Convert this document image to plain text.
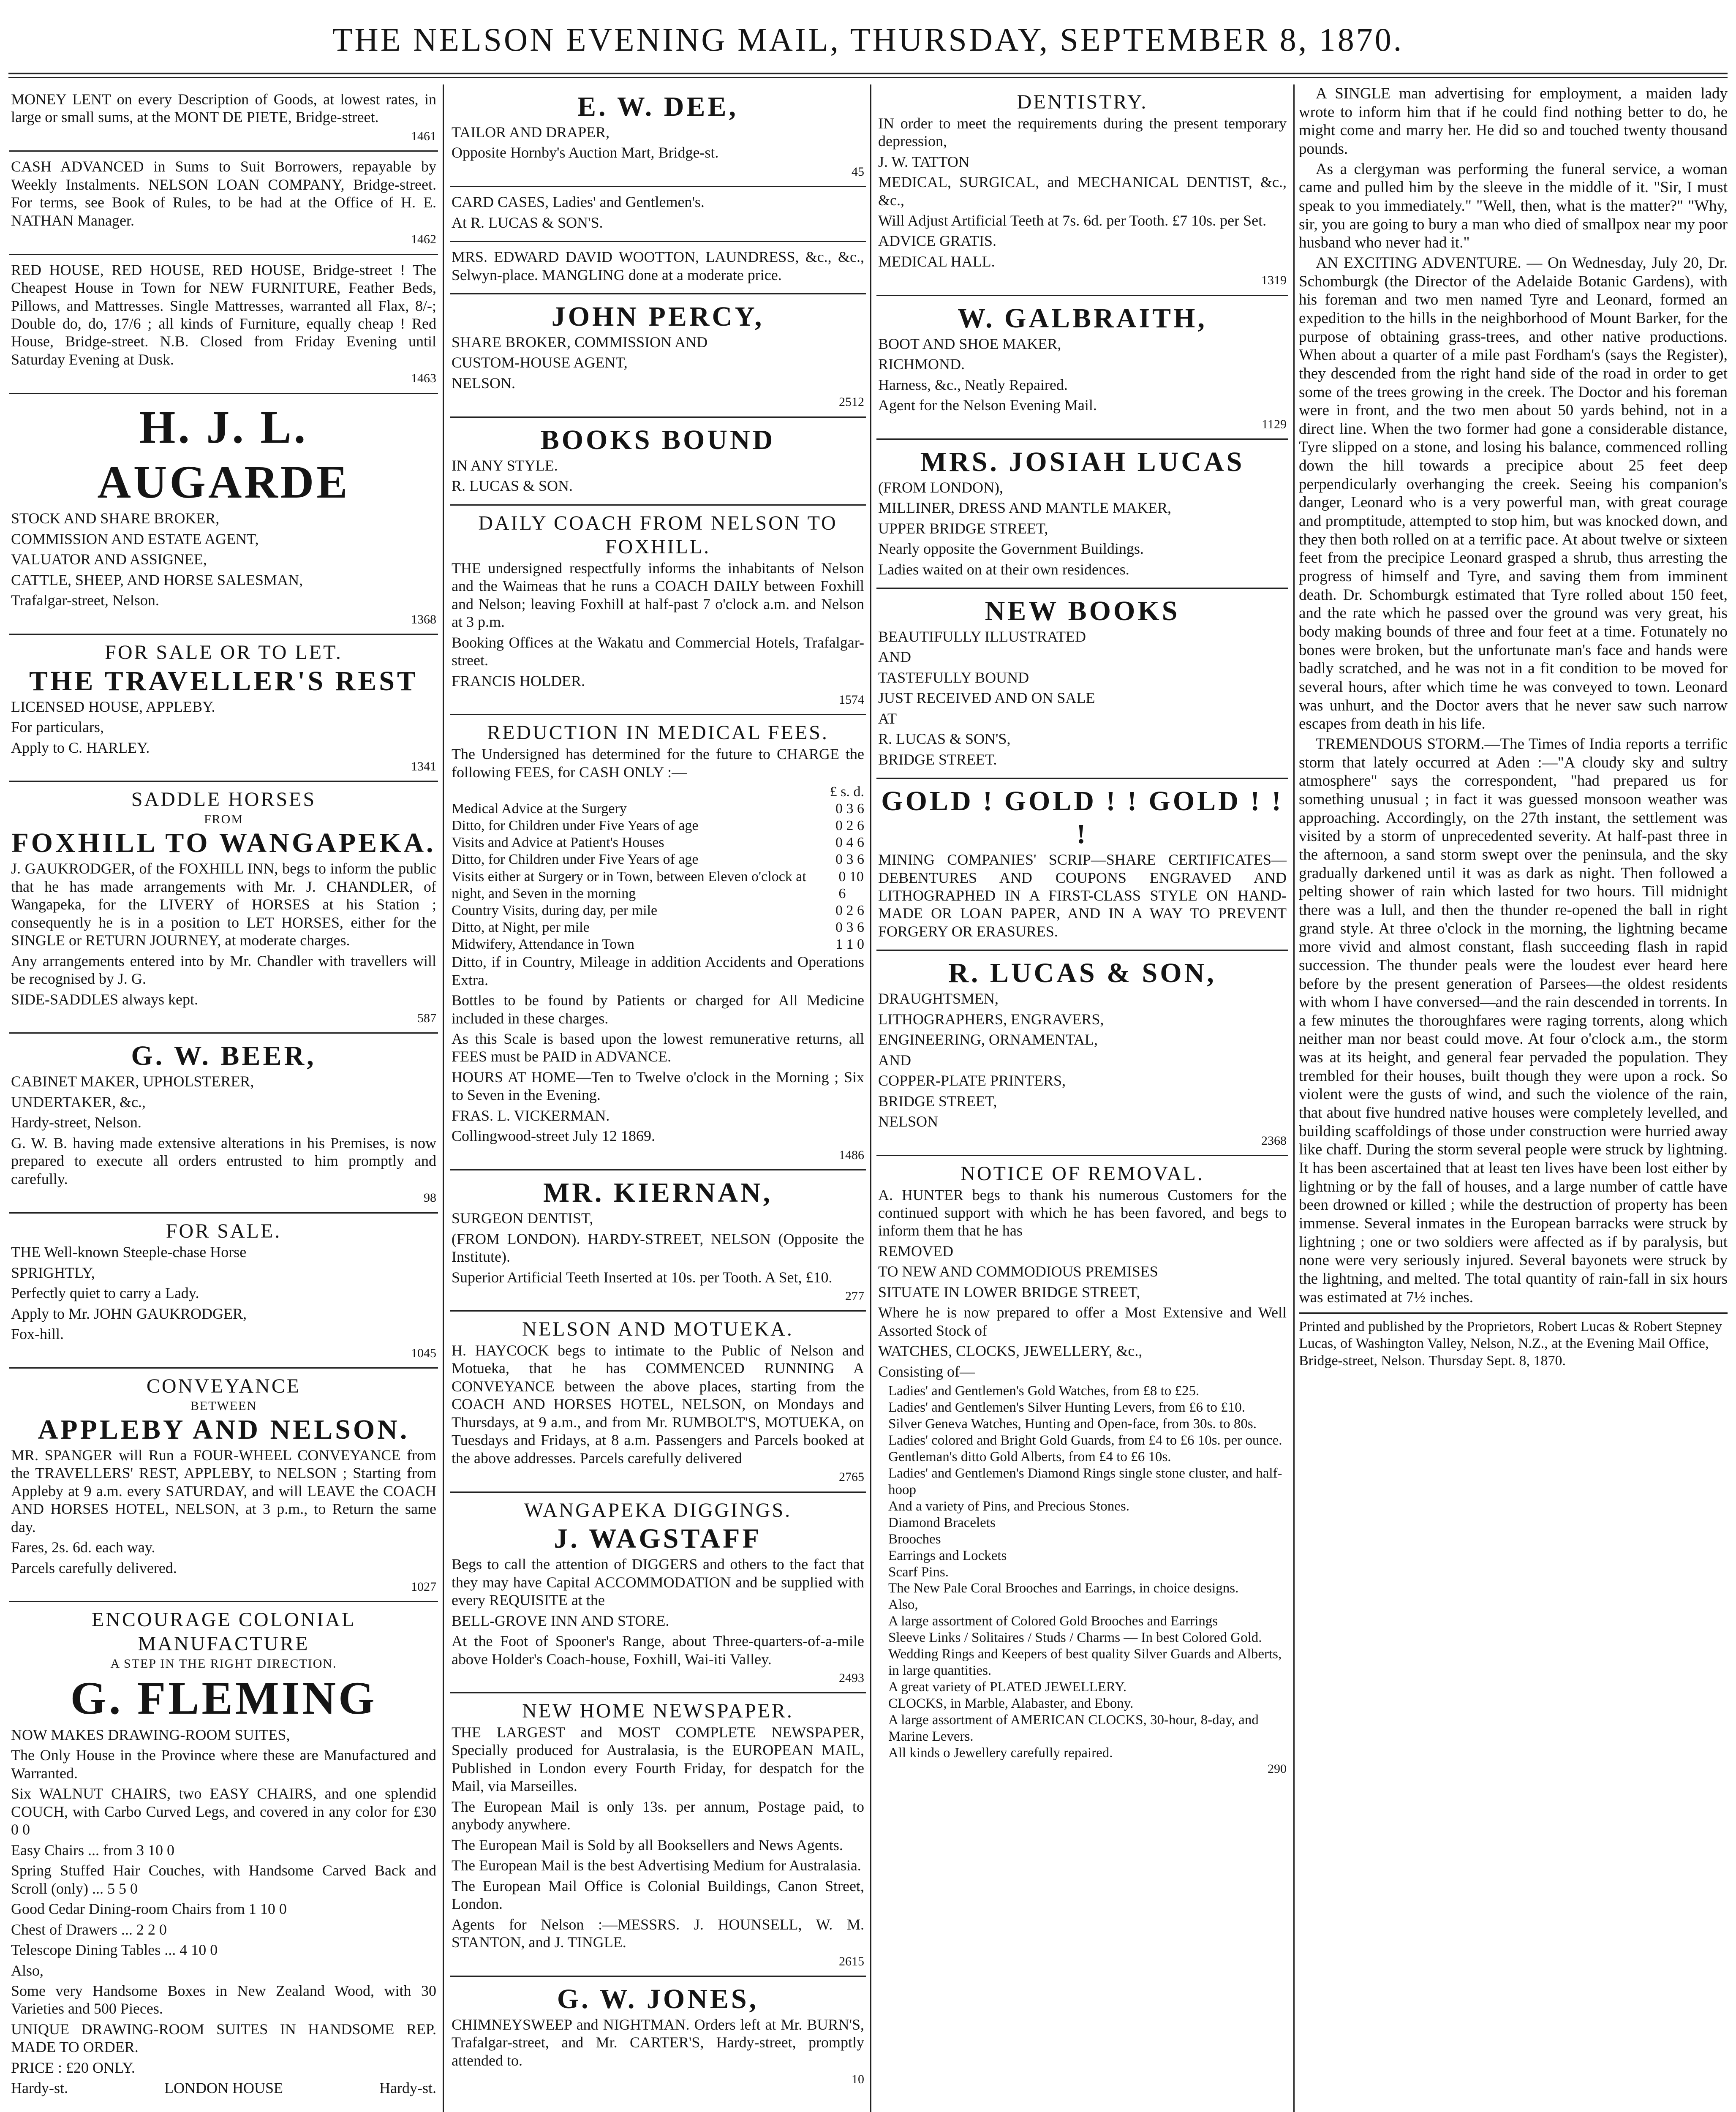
THE NELSON EVENING MAIL, THURSDAY, SEPTEMBER 8, 1870.

MONEY LENT on every Description of Goods, at lowest rates, in large or small sums, at the MONT DE PIETE, Bridge-street.

1461

CASH ADVANCED in Sums to Suit Borrowers, repayable by Weekly Instalments. NELSON LOAN COMPANY, Bridge-street. For terms, see Book of Rules, to be had at the Office of H. E. NATHAN Manager.

1462

RED HOUSE, RED HOUSE, RED HOUSE, Bridge-street ! The Cheapest House in Town for NEW FURNITURE, Feather Beds, Pillows, and Mattresses. Single Mattresses, warranted all Flax, 8/-; Double do, do, 17/6 ; all kinds of Furniture, equally cheap ! Red House, Bridge-street. N.B. Closed from Friday Evening until Saturday Evening at Dusk.

1463
H. J. L. AUGARDE

STOCK AND SHARE BROKER,

COMMISSION AND ESTATE AGENT,

VALUATOR AND ASSIGNEE,

CATTLE, SHEEP, AND HORSE SALESMAN,

Trafalgar-street, Nelson.

1368
FOR SALE OR TO LET.
THE TRAVELLER'S REST

LICENSED HOUSE, APPLEBY.

For particulars,

Apply to C. HARLEY.

1341
SADDLE HORSES
FROM
FOXHILL TO WANGAPEKA.

J. GAUKRODGER, of the FOXHILL INN, begs to inform the public that he has made arrangements with Mr. J. CHANDLER, of Wangapeka, for the LIVERY of HORSES at his Station ; consequently he is in a position to LET HORSES, either for the SINGLE or RETURN JOURNEY, at moderate charges.

Any arrangements entered into by Mr. Chandler with travellers will be recognised by J. G.

SIDE-SADDLES always kept.

587
G. W. BEER,

CABINET MAKER, UPHOLSTERER,

UNDERTAKER, &c.,

Hardy-street, Nelson.

G. W. B. having made extensive alterations in his Premises, is now prepared to execute all orders entrusted to him promptly and carefully.

98
FOR SALE.

THE Well-known Steeple-chase Horse

SPRIGHTLY,

Perfectly quiet to carry a Lady.

Apply to Mr. JOHN GAUKRODGER,

Fox-hill.

1045
CONVEYANCE
BETWEEN
APPLEBY AND NELSON.

MR. SPANGER will Run a FOUR-WHEEL CONVEYANCE from the TRAVELLERS' REST, APPLEBY, to NELSON ; Starting from Appleby at 9 a.m. every SATURDAY, and will LEAVE the COACH AND HORSES HOTEL, NELSON, at 3 p.m., to Return the same day.

Fares, 2s. 6d. each way.

Parcels carefully delivered.

1027
ENCOURAGE COLONIAL MANUFACTURE
A STEP IN THE RIGHT DIRECTION.
G. FLEMING

NOW MAKES DRAWING-ROOM SUITES,

The Only House in the Province where these are Manufactured and Warranted.

Six WALNUT CHAIRS, two EASY CHAIRS, and one splendid COUCH, with Carbo Curved Legs, and covered in any color for £30 0 0

Easy Chairs ... from 3 10 0

Spring Stuffed Hair Couches, with Handsome Carved Back and Scroll (only) ... 5 5 0

Good Cedar Dining-room Chairs from 1 10 0

Chest of Drawers ... 2 2 0

Telescope Dining Tables ... 4 10 0

Also,

Some very Handsome Boxes in New Zealand Wood, with 30 Varieties and 500 Pieces.

UNIQUE DRAWING-ROOM SUITES IN HANDSOME REP. MADE TO ORDER.

PRICE : £20 ONLY.

Hardy-st.	LONDON HOUSE	Hardy-st.
E. W. DEE,

TAILOR AND DRAPER,

Opposite Hornby's Auction Mart, Bridge-st.

45

CARD CASES, Ladies' and Gentlemen's.

At R. LUCAS & SON'S.

MRS. EDWARD DAVID WOOTTON, LAUNDRESS, &c., &c., Selwyn-place. MANGLING done at a moderate price.

JOHN PERCY,

SHARE BROKER, COMMISSION AND

CUSTOM-HOUSE AGENT,

NELSON.

2512
BOOKS BOUND

IN ANY STYLE.

R. LUCAS & SON.

DAILY COACH FROM NELSON TO FOXHILL.

THE undersigned respectfully informs the inhabitants of Nelson and the Waimeas that he runs a COACH DAILY between Foxhill and Nelson; leaving Foxhill at half-past 7 o'clock a.m. and Nelson at 3 p.m.

Booking Offices at the Wakatu and Commercial Hotels, Trafalgar-street.

FRANCIS HOLDER.

1574
REDUCTION IN MEDICAL FEES.

The Undersigned has determined for the future to CHARGE the following FEES, for CASH ONLY :—

£ s. d.
Medical Advice at the Surgery	0 3 6
Ditto, for Children under Five Years of age	0 2 6
Visits and Advice at Patient's Houses	0 4 6
Ditto, for Children under Five Years of age	0 3 6
Visits either at Surgery or in Town, between Eleven o'clock at night, and Seven in the morning
0 10 6
Country Visits, during day, per mile	0 2 6
Ditto, at Night, per mile	0 3 6
Midwifery, Attendance in Town	1 1 0

Ditto, if in Country, Mileage in addition Accidents and Operations Extra.

Bottles to be found by Patients or charged for All Medicine included in these charges.

As this Scale is based upon the lowest remunerative returns, all FEES must be PAID in ADVANCE.

HOURS AT HOME—Ten to Twelve o'clock in the Morning ; Six to Seven in the Evening.

FRAS. L. VICKERMAN.

Collingwood-street July 12 1869.

1486
MR. KIERNAN,

SURGEON DENTIST,

(FROM LONDON). HARDY-STREET, NELSON (Opposite the Institute).

Superior Artificial Teeth Inserted at 10s. per Tooth. A Set, £10.

277
NELSON AND MOTUEKA.

H. HAYCOCK begs to intimate to the Public of Nelson and Motueka, that he has COMMENCED RUNNING A CONVEYANCE between the above places, starting from the COACH AND HORSES HOTEL, NELSON, on Mondays and Thursdays, at 9 a.m., and from Mr. RUMBOLT'S, MOTUEKA, on Tuesdays and Fridays, at 8 a.m. Passengers and Parcels booked at the above addresses. Parcels carefully delivered

2765
WANGAPEKA DIGGINGS.
J. WAGSTAFF

Begs to call the attention of DIGGERS and others to the fact that they may have Capital ACCOMMODATION and be supplied with every REQUISITE at the

BELL-GROVE INN AND STORE.

At the Foot of Spooner's Range, about Three-quarters-of-a-mile above Holder's Coach-house, Foxhill, Wai-iti Valley.

2493
NEW HOME NEWSPAPER.

THE LARGEST and MOST COMPLETE NEWSPAPER, Specially produced for Australasia, is the EUROPEAN MAIL, Published in London every Fourth Friday, for despatch for the Mail, via Marseilles.

The European Mail is only 13s. per annum, Postage paid, to anybody anywhere.

The European Mail is Sold by all Booksellers and News Agents.

The European Mail is the best Advertising Medium for Australasia.

The European Mail Office is Colonial Buildings, Canon Street, London.

Agents for Nelson :—MESSRS. J. HOUNSELL, W. M. STANTON, and J. TINGLE.

2615
G. W. JONES,

CHIMNEYSWEEP and NIGHTMAN. Orders left at Mr. BURN'S, Trafalgar-street, and Mr. CARTER'S, Hardy-street, promptly attended to.

10
DENTISTRY.

IN order to meet the requirements during the present temporary depression,

J. W. TATTON

MEDICAL, SURGICAL, and MECHANICAL DENTIST, &c., &c.,

Will Adjust Artificial Teeth at 7s. 6d. per Tooth. £7 10s. per Set.

ADVICE GRATIS.

MEDICAL HALL.

1319
W. GALBRAITH,

BOOT AND SHOE MAKER,

RICHMOND.

Harness, &c., Neatly Repaired.

Agent for the Nelson Evening Mail.

1129
MRS. JOSIAH LUCAS

(FROM LONDON),

MILLINER, DRESS AND MANTLE MAKER,

UPPER BRIDGE STREET,

Nearly opposite the Government Buildings.

Ladies waited on at their own residences.

NEW BOOKS

BEAUTIFULLY ILLUSTRATED

AND

TASTEFULLY BOUND

JUST RECEIVED AND ON SALE

AT

R. LUCAS & SON'S,

BRIDGE STREET.

GOLD ! GOLD ! ! GOLD ! ! !

MINING COMPANIES' SCRIP—SHARE CERTIFICATES—DEBENTURES AND COUPONS ENGRAVED AND LITHOGRAPHED IN A FIRST-CLASS STYLE ON HAND-MADE OR LOAN PAPER, AND IN A WAY TO PREVENT FORGERY OR ERASURES.

R. LUCAS & SON,

DRAUGHTSMEN,

LITHOGRAPHERS, ENGRAVERS,

ENGINEERING, ORNAMENTAL,

AND

COPPER-PLATE PRINTERS,

BRIDGE STREET,

NELSON

2368
NOTICE OF REMOVAL.

A. HUNTER begs to thank his numerous Customers for the continued support with which he has been favored, and begs to inform them that he has

REMOVED

TO NEW AND COMMODIOUS PREMISES

SITUATE IN LOWER BRIDGE STREET,

Where he is now prepared to offer a Most Extensive and Well Assorted Stock of

WATCHES, CLOCKS, JEWELLERY, &c.,

Consisting of—

Ladies' and Gentlemen's Gold Watches, from £8 to £25.
Ladies' and Gentlemen's Silver Hunting Levers, from £6 to £10.
Silver Geneva Watches, Hunting and Open-face, from 30s. to 80s.
Ladies' colored and Bright Gold Guards, from £4 to £6 10s. per ounce.
Gentleman's ditto Gold Alberts, from £4 to £6 10s.
Ladies' and Gentlemen's Diamond Rings single stone cluster, and half-hoop
And a variety of Pins, and Precious Stones.
Diamond Bracelets
Brooches
Earrings and Lockets
Scarf Pins.
The New Pale Coral Brooches and Earrings, in choice designs.
Also,
A large assortment of Colored Gold Brooches and Earrings
Sleeve Links / Solitaires / Studs / Charms — In best Colored Gold.
Wedding Rings and Keepers of best quality Silver Guards and Alberts, in large quantities.
A great variety of PLATED JEWELLERY.
CLOCKS, in Marble, Alabaster, and Ebony.
A large assortment of AMERICAN CLOCKS, 30-hour, 8-day, and Marine Levers.
All kinds o Jewellery carefully repaired.
290

A SINGLE man advertising for employment, a maiden lady wrote to inform him that if he could find nothing better to do, he might come and marry her. He did so and touched twenty thousand pounds.

As a clergyman was performing the funeral service, a woman came and pulled him by the sleeve in the middle of it. "Sir, I must speak to you immediately." "Well, then, what is the matter?" "Why, sir, you are going to bury a man who died of smallpox near my poor husband who never had it."

AN EXCITING ADVENTURE. — On Wednesday, July 20, Dr. Schomburgk (the Director of the Adelaide Botanic Gardens), with his foreman and two men named Tyre and Leonard, formed an expedition to the hills in the neighborhood of Mount Barker, for the purpose of obtaining grass-trees, and other native productions. When about a quarter of a mile past Fordham's (says the Register), they descended from the right hand side of the road in order to get some of the trees growing in the creek. The Doctor and his foreman were in front, and the two men about 50 yards behind, not in a direct line. When the two former had gone a considerable distance, Tyre slipped on a stone, and losing his balance, commenced rolling down the hill towards a precipice about 25 feet deep perpendicularly overhanging the creek. Seeing his companion's danger, Leonard who is a very powerful man, with great courage and promptitude, attempted to stop him, but was knocked down, and they then both rolled on at a terrific pace. At about twelve or sixteen feet from the precipice Leonard grasped a shrub, thus arresting the progress of himself and Tyre, and saving them from imminent death. Dr. Schomburgk estimated that Tyre rolled about 150 feet, and the rate which he passed over the ground was very great, his body making bounds of three and four feet at a time. Fotunately no bones were broken, but the unfortunate man's face and hands were badly scratched, and he was not in a fit condition to be moved for several hours, after which time he was conveyed to town. Leonard was unhurt, and the Doctor avers that he never saw such narrow escapes from death in his life.

TREMENDOUS STORM.—The Times of India reports a terrific storm that lately occurred at Aden :—"A cloudy sky and sultry atmosphere" says the correspondent, "had prepared us for something unusual ; in fact it was guessed monsoon weather was approaching. Accordingly, on the 27th instant, the settlement was visited by a storm of unprecedented severity. At half-past three in the afternoon, a sand storm swept over the peninsula, and the sky gradually darkened until it was as dark as night. Then followed a pelting shower of rain which lasted for two hours. Till midnight there was a lull, and then the thunder re-opened the ball in right grand style. At three o'clock in the morning, the lightning became more vivid and almost constant, flash succeeding flash in rapid succession. The thunder peals were the loudest ever heard here before by the present generation of Parsees—the oldest residents with whom I have conversed—and the rain descended in torrents. In a few minutes the thoroughfares were raging torrents, along which neither man nor beast could move. At four o'clock a.m., the storm was at its height, and general fear pervaded the population. They trembled for their houses, built though they were upon a rock. So violent were the gusts of wind, and such the violence of the rain, that about five hundred native houses were completely levelled, and building scaffoldings of those under construction were hurried away like chaff. During the storm several people were struck by lightning. It has been ascertained that at least ten lives have been lost either by lightning or by the fall of houses, and a large number of cattle have been drowned or killed ; while the destruction of property has been immense. Several inmates in the European barracks were struck by lightning ; one or two soldiers were affected as if by paralysis, but none were very seriously injured. Several bayonets were struck by the lightning, and melted. The total quantity of rain-fall in six hours was estimated at 7½ inches.

Printed and published by the Proprietors, Robert Lucas & Robert Stepney Lucas, of Washington Valley, Nelson, N.Z., at the Evening Mail Office, Bridge-street, Nelson. Thursday Sept. 8, 1870.
